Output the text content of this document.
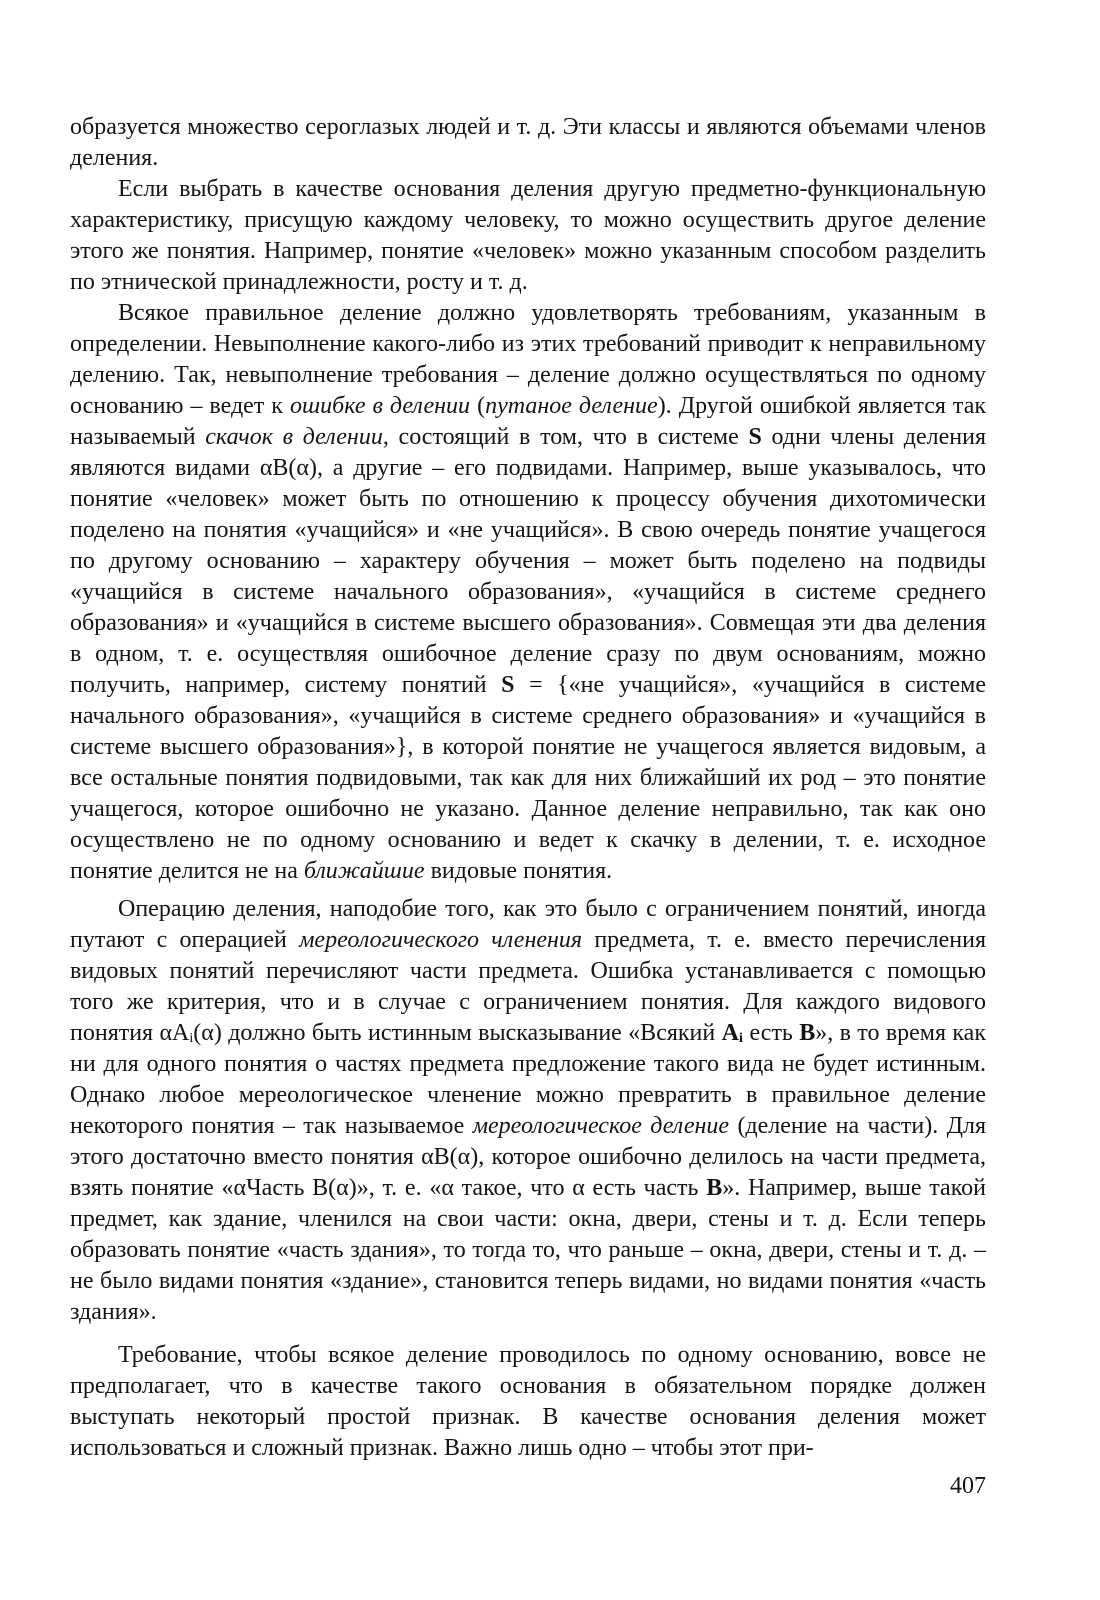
образуется множество сероглазых людей и т. д. Эти классы и являются объемами членов деления.

Если выбрать в качестве основания деления другую предметно-функциональную характеристику, присущую каждому человеку, то можно осуществить другое деление этого же понятия. Например, понятие «человек» можно указанным способом разделить по этнической принадлежности, росту и т. д.

Всякое правильное деление должно удовлетворять требованиям, указанным в определении. Невыполнение какого-либо из этих требований приводит к неправильному делению. Так, невыполнение требования – деление должно осуществляться по одному основанию – ведет к ошибке в делении (путаное деление). Другой ошибкой является так называемый скачок в делении, состоящий в том, что в системе S одни члены деления являются видами αB(α), а другие – его подвидами. Например, выше указывалось, что понятие «человек» может быть по отношению к процессу обучения дихотомически поделено на понятия «учащийся» и «не учащийся». В свою очередь понятие учащегося по другому основанию – характеру обучения – может быть поделено на подвиды «учащийся в системе начального образования», «учащийся в системе среднего образования» и «учащийся в системе высшего образования». Совмещая эти два деления в одном, т. е. осуществляя ошибочное деление сразу по двум основаниям, можно получить, например, систему понятий S = {«не учащийся», «учащийся в системе начального образования», «учащийся в системе среднего образования» и «учащийся в системе высшего образования»}, в которой понятие не учащегося является видовым, а все остальные понятия подвидовыми, так как для них ближайший их род – это понятие учащегося, которое ошибочно не указано. Данное деление неправильно, так как оно осуществлено не по одному основанию и ведет к скачку в делении, т. е. исходное понятие делится не на ближайшие видовые понятия.

Операцию деления, наподобие того, как это было с ограничением понятий, иногда путают с операцией мереологического членения предмета, т. е. вместо перечисления видовых понятий перечисляют части предмета. Ошибка устанавливается с помощью того же критерия, что и в случае с ограничением понятия. Для каждого видового понятия αAᵢ(α) должно быть истинным высказывание «Всякий Aᵢ есть B», в то время как ни для одного понятия о частях предмета предложение такого вида не будет истинным. Однако любое мереологическое членение можно превратить в правильное деление некоторого понятия – так называемое мереологическое деление (деление на части). Для этого достаточно вместо понятия αB(α), которое ошибочно делилось на части предмета, взять понятие «αЧасть B(α)», т. е. «α такое, что α есть часть B». Например, выше такой предмет, как здание, членился на свои части: окна, двери, стены и т. д. Если теперь образовать понятие «часть здания», то тогда то, что раньше – окна, двери, стены и т. д. – не было видами понятия «здание», становится теперь видами, но видами понятия «часть здания».

Требование, чтобы всякое деление проводилось по одному основанию, вовсе не предполагает, что в качестве такого основания в обязательном порядке должен выступать некоторый простой признак. В качестве основания деления может использоваться и сложный признак. Важно лишь одно – чтобы этот при-

407
